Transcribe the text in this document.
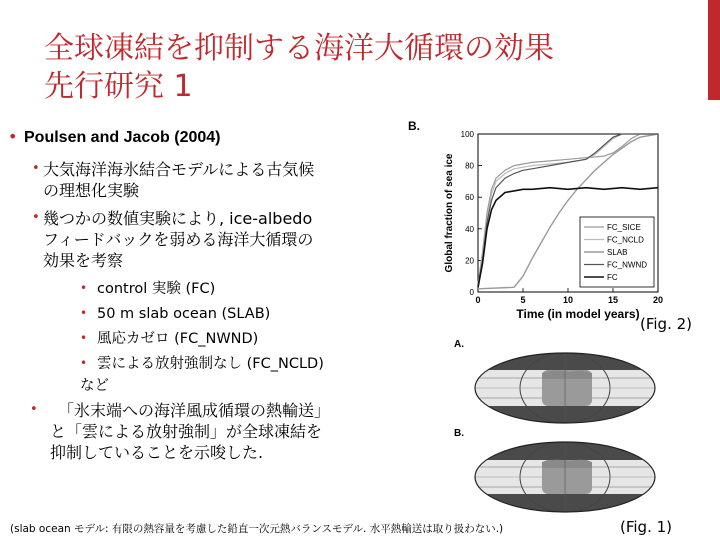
全球凍結を抑制する海洋大循環の効果
先行研究 1
• Poulsen and Jacob (2004)
• 大気海洋海氷結合モデルによる古気候
の理想化実験
• 幾つかの数値実験により, ice-albedo
フィードバックを弱める海洋大循環の
効果を考察
• control 実験 (FC)
• 50 m slab ocean (SLAB)
• 風応カゼロ (FC_NWND)
• 雲による放射強制なし (FC_NCLD)
など
• 「氷末端への海洋風成循環の熱輸送」
と「雲による放射強制」が全球凍結を
抑制していることを示唆した.
B.
0
20
40
60
80
100
0	5	10	15	20
Time (in model years)
Global fraction of sea ice	FC_SICE
FC_NCLD
SLAB
FC_NWND
FC
(Fig. 2)
A.
B.
(Fig. 1)
(slab ocean モデル: 有限の熱容量を考慮した鉛直一次元熱バランスモデル. 水平熱輸送は取り扱わない.)
